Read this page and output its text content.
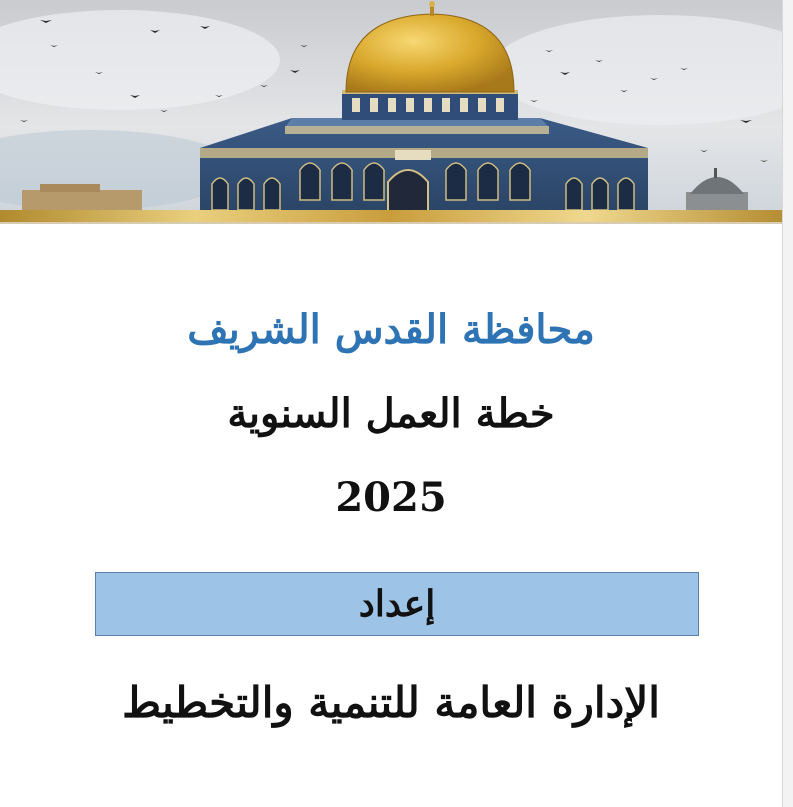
محافظة القدس الشريف
خطة العمل السنوية
2025
إعداد
الإدارة العامة للتنمية والتخطيط
